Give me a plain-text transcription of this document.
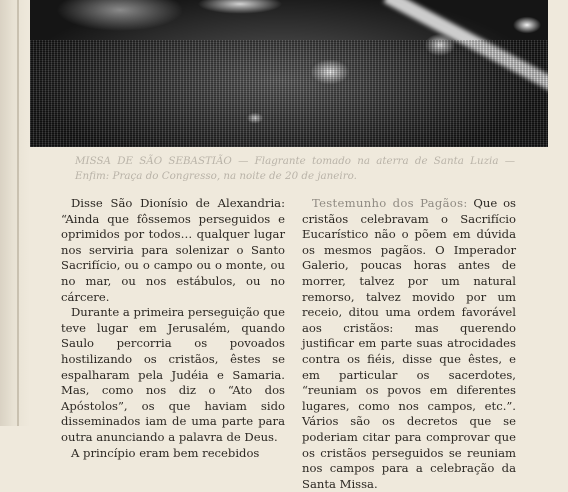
MISSA DE SÃO SEBASTIÃO — Flagrante tomado na aterra de Santa Luzia — Enfim: Praça do Congresso, na noite de 20 de janeiro.

Disse São Dionísio de Alexandria: “Ainda que fôssemos perseguidos e oprimidos por todos… qualquer lugar nos serviria para solenizar o Santo Sacrifício, ou o campo ou o monte, ou no mar, ou nos estábulos, ou no cárcere.

Durante a primeira perseguição que teve lugar em Jerusalém, quando Saulo percorria os povoados hostilizando os cristãos, êstes se espalharam pela Judéia e Samaria. Mas, como nos diz o “Ato dos Apóstolos”, os que haviam sido disseminados iam de uma parte para outra anunciando a palavra de Deus.

A princípio eram bem recebidos

Testemunho dos Pagãos: Que os cristãos celebravam o Sacrifício Eucarístico não o põem em dúvida os mesmos pagãos. O Imperador Galerio, poucas horas antes de morrer, talvez por um natural remorso, talvez movido por um receio, ditou uma ordem favorável aos cristãos: mas querendo justificar em parte suas atrocidades contra os fiéis, disse que êstes, e em particular os sacerdotes, “reuniam os povos em diferentes lugares, como nos campos, etc.”. Vários são os decretos que se poderiam citar para comprovar que os cristãos perseguidos se reuniam nos campos para a celebração da Santa Missa.
